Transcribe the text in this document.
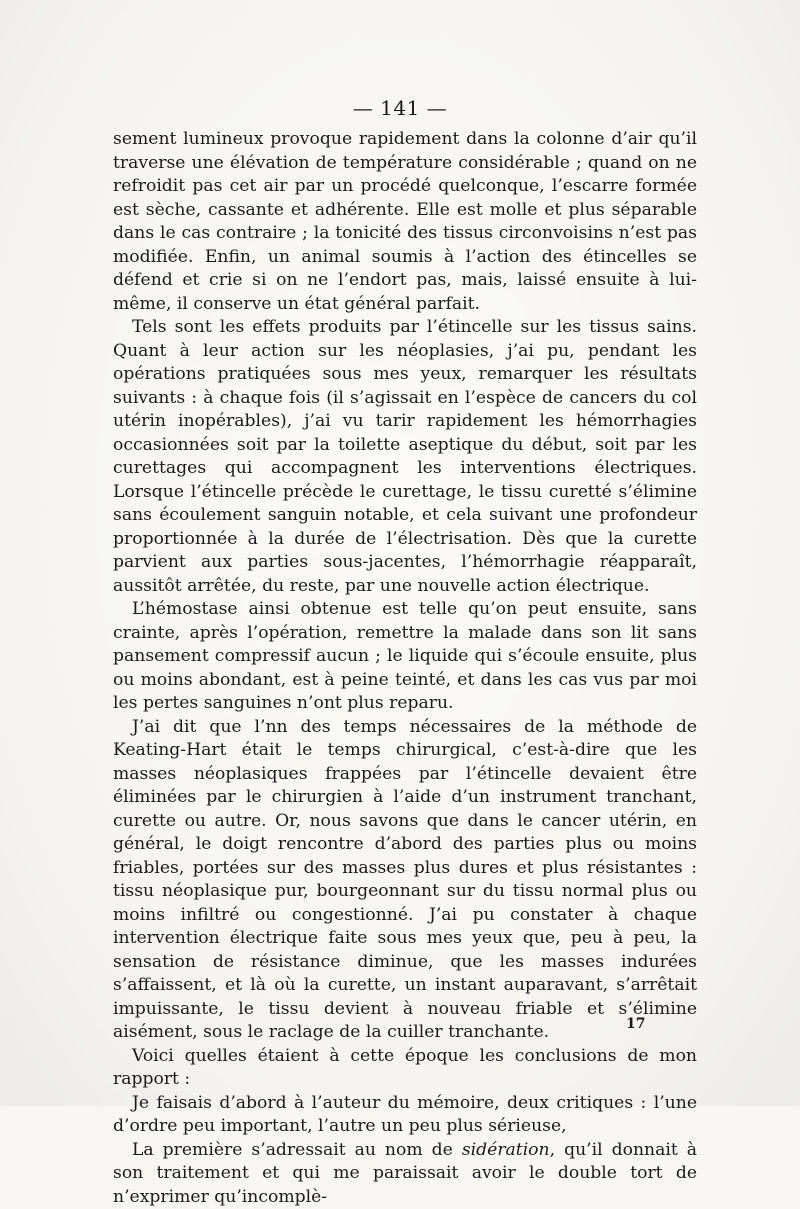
— 141 —

sement lumineux provoque rapidement dans la colonne d’air qu’il traverse une élévation de température considérable ; quand on ne refroidit pas cet air par un procédé quelconque, l’escarre formée est sèche, cassante et adhérente. Elle est molle et plus séparable dans le cas contraire ; la tonicité des tissus circonvoisins n’est pas modifiée. Enfin, un animal soumis à l’action des étincelles se défend et crie si on ne l’endort pas, mais, laissé ensuite à lui-même, il conserve un état général parfait.

Tels sont les effets produits par l’étincelle sur les tissus sains. Quant à leur action sur les néoplasies, j’ai pu, pendant les opérations pratiquées sous mes yeux, remarquer les résultats suivants : à chaque fois (il s’agissait en l’espèce de cancers du col utérin inopérables), j’ai vu tarir rapidement les hémorrhagies occasionnées soit par la toilette aseptique du début, soit par les curettages qui accompagnent les interventions électriques. Lorsque l’étincelle précède le curettage, le tissu curetté s’élimine sans écoulement sanguin notable, et cela suivant une profondeur proportionnée à la durée de l’électrisation. Dès que la curette parvient aux parties sous-jacentes, l’hémorrhagie réapparaît, aussitôt arrêtée, du reste, par une nouvelle action électrique.

L’hémostase ainsi obtenue est telle qu’on peut ensuite, sans crainte, après l’opération, remettre la malade dans son lit sans pansement compressif aucun ; le liquide qui s’écoule ensuite, plus ou moins abondant, est à peine teinté, et dans les cas vus par moi les pertes sanguines n’ont plus reparu.

J’ai dit que l’nn des temps nécessaires de la méthode de Keating-Hart était le temps chirurgical, c’est-à-dire que les masses néoplasiques frappées par l’étincelle devaient être éliminées par le chirurgien à l’aide d’un instrument tranchant, curette ou autre. Or, nous savons que dans le cancer utérin, en général, le doigt rencontre d’abord des parties plus ou moins friables, portées sur des masses plus dures et plus résistantes : tissu néoplasique pur, bourgeonnant sur du tissu normal plus ou moins infiltré ou congestionné. J’ai pu constater à chaque intervention électrique faite sous mes yeux que, peu à peu, la sensation de résistance diminue, que les masses indurées s’affaissent, et là où la curette, un instant auparavant, s’arrêtait impuissante, le tissu devient à nouveau friable et s’élimine aisément, sous le raclage de la cuiller tranchante.

Voici quelles étaient à cette époque les conclusions de mon rapport :

Je faisais d’abord à l’auteur du mémoire, deux critiques : l’une d’ordre peu important, l’autre un peu plus sérieuse,

La première s’adressait au nom de sidération, qu’il donnait à son traitement et qui me paraissait avoir le double tort de n’exprimer qu’incomplè-

17
